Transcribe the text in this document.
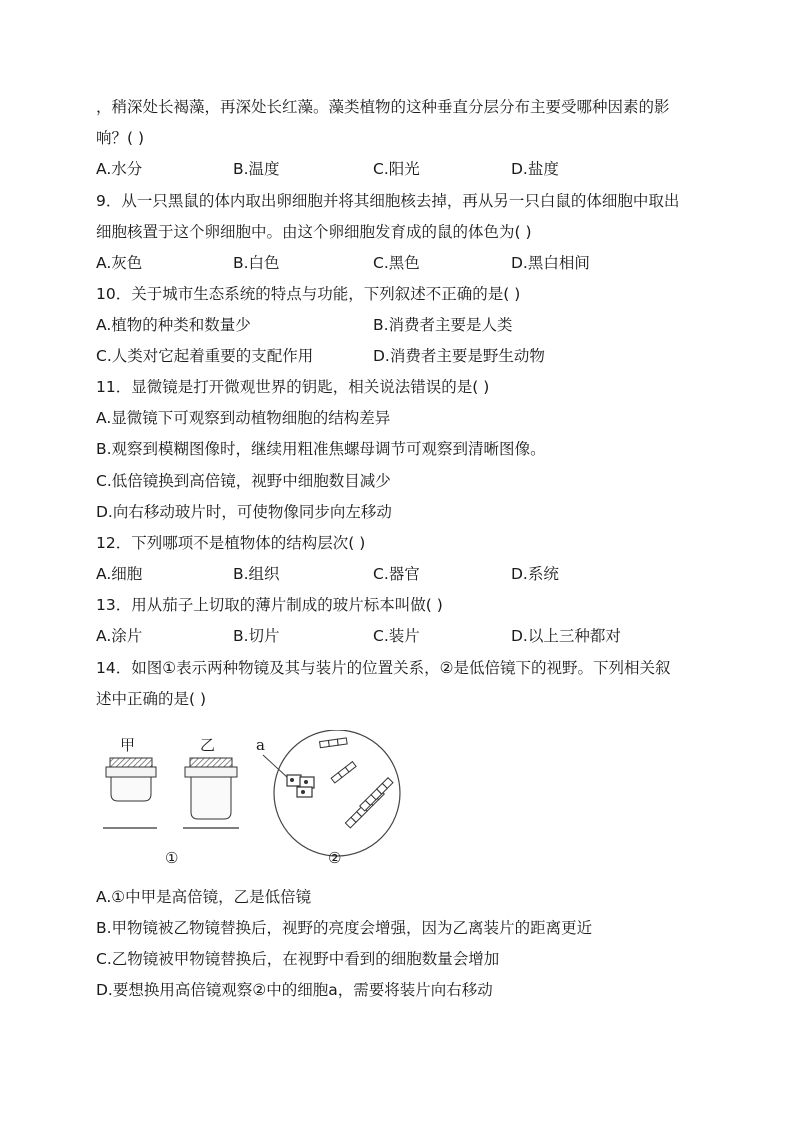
，稍深处长褐藻，再深处长红藻。藻类植物的这种垂直分层分布主要受哪种因素的影
响？( )
A.水分	B.温度	C.阳光	D.盐度
9．从一只黑鼠的体内取出卵细胞并将其细胞核去掉，再从另一只白鼠的体细胞中取出
细胞核置于这个卵细胞中。由这个卵细胞发育成的鼠的体色为( )
A.灰色	B.白色	C.黑色	D.黑白相间
10．关于城市生态系统的特点与功能，下列叙述不正确的是( )
A.植物的种类和数量少	B.消费者主要是人类
C.人类对它起着重要的支配作用	D.消费者主要是野生动物
11．显微镜是打开微观世界的钥匙，相关说法错误的是( )
A.显微镜下可观察到动植物细胞的结构差异
B.观察到模糊图像时，继续用粗准焦螺母调节可观察到清晰图像。
C.低倍镜换到高倍镜，视野中细胞数目减少
D.向右移动玻片时，可使物像同步向左移动
12．下列哪项不是植物体的结构层次( )
A.细胞	B.组织	C.器官	D.系统
13．用从茄子上切取的薄片制成的玻片标本叫做( )
A.涂片	B.切片	C.装片	D.以上三种都对
14．如图①表示两种物镜及其与装片的位置关系，②是低倍镜下的视野。下列相关叙
述中正确的是( )
甲	乙	a
①	②
A.①中甲是高倍镜，乙是低倍镜
B.甲物镜被乙物镜替换后，视野的亮度会增强，因为乙离装片的距离更近
C.乙物镜被甲物镜替换后，在视野中看到的细胞数量会增加
D.要想换用高倍镜观察②中的细胞a，需要将装片向右移动
